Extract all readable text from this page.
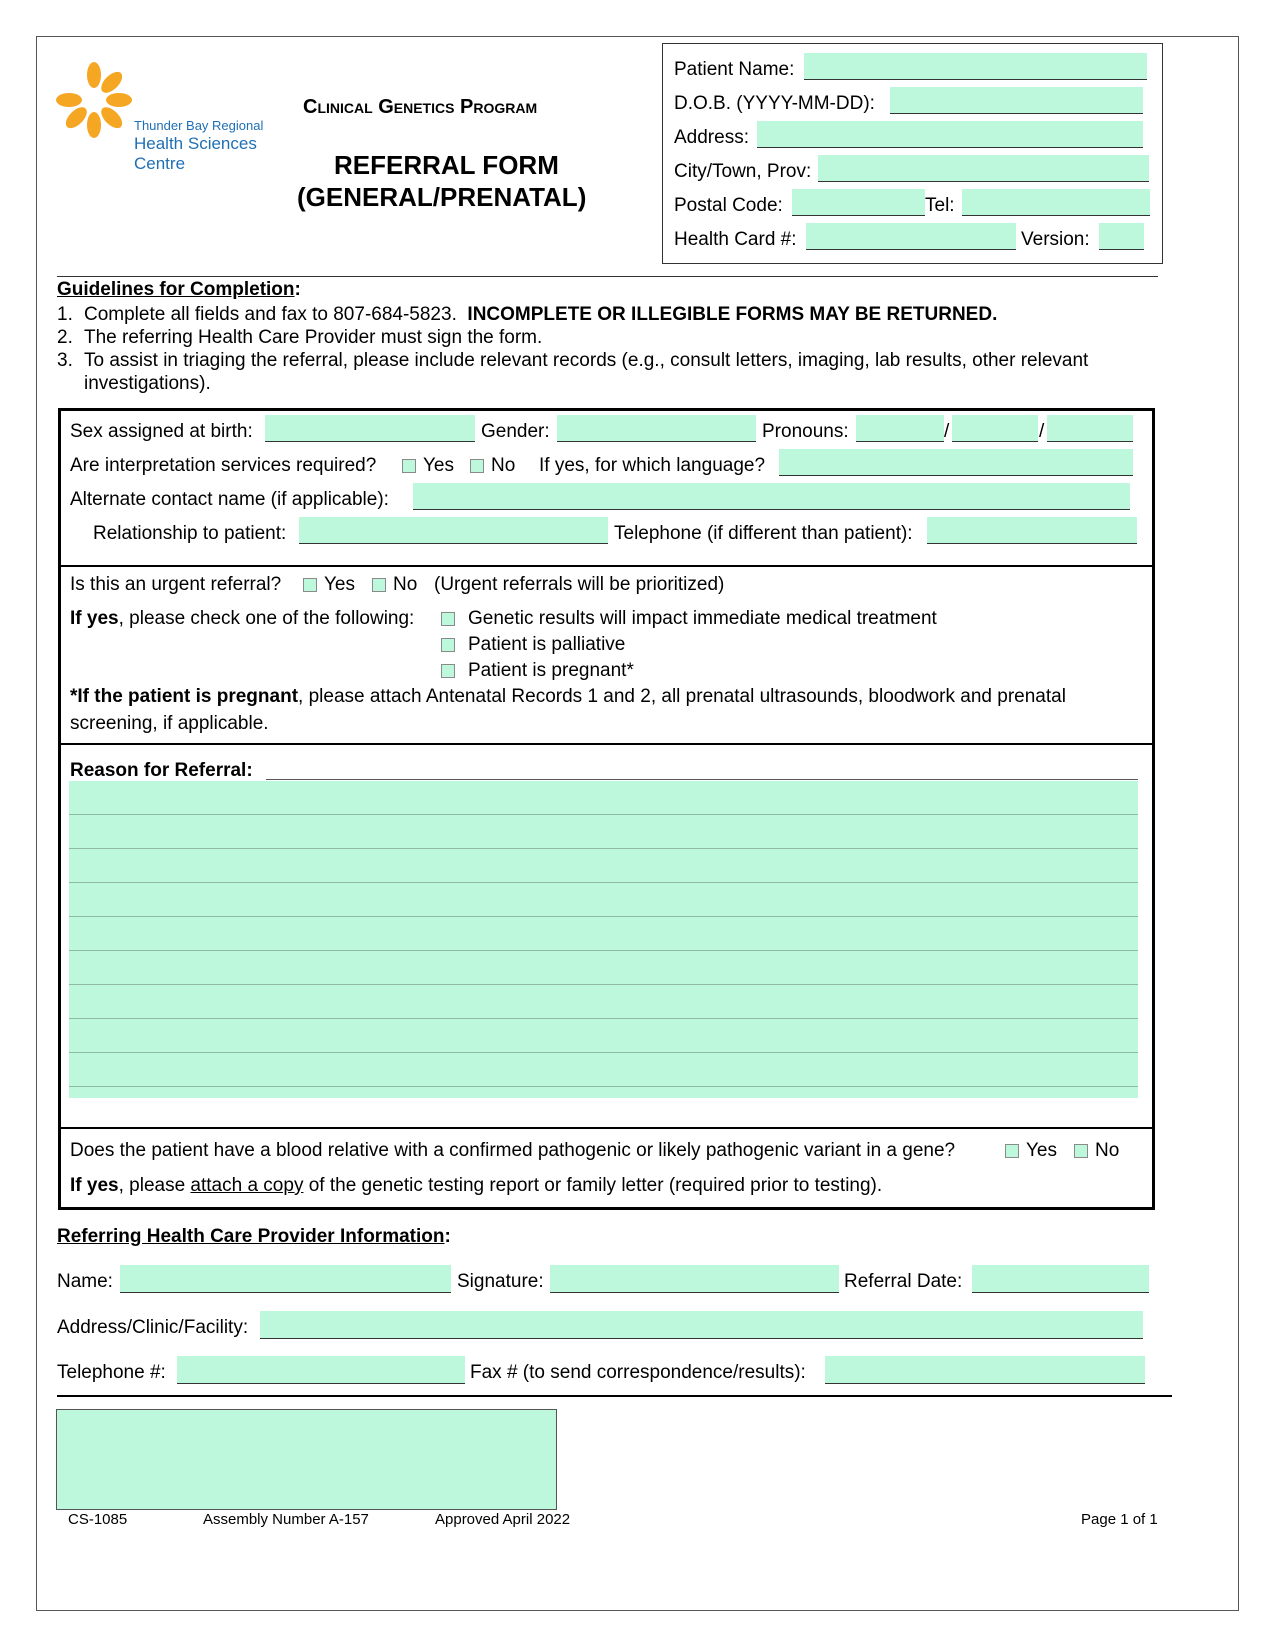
Thunder Bay Regional
Health Sciences
Centre
Clinical Genetics Program
REFERRAL FORM
(GENERAL/PRENATAL)
Patient Name:
D.O.B. (YYYY-MM-DD):
Address:
City/Town, Prov:
Postal Code:	Tel:
Health Card #:	Version:
Guidelines for Completion:
1. Complete all fields and fax to 807-684-5823. INCOMPLETE OR ILLEGIBLE FORMS MAY BE RETURNED.
2. The referring Health Care Provider must sign the form.
3. To assist in triaging the referral, please include relevant records (e.g., consult letters, imaging, lab results, other relevant
investigations).
Sex assigned at birth:	Gender:	Pronouns:	/	/
Are interpretation services required? Yes No If yes, for which language?
Alternate contact name (if applicable):
Relationship to patient:	Telephone (if different than patient):
Is this an urgent referral? Yes No (Urgent referrals will be prioritized)
If yes, please check one of the following:	Genetic results will impact immediate medical treatment
Patient is palliative
Patient is pregnant*
*If the patient is pregnant, please attach Antenatal Records 1 and 2, all prenatal ultrasounds, bloodwork and prenatal
screening, if applicable.
Reason for Referral:
Does the patient have a blood relative with a confirmed pathogenic or likely pathogenic variant in a gene?	Yes No
If yes, please attach a copy of the genetic testing report or family letter (required prior to testing).
Referring Health Care Provider Information:
Name:	Signature:	Referral Date:
Address/Clinic/Facility:
Telephone #:	Fax # (to send correspondence/results):
CS-1085	Assembly Number A-157	Approved April 2022	Page 1 of 1
